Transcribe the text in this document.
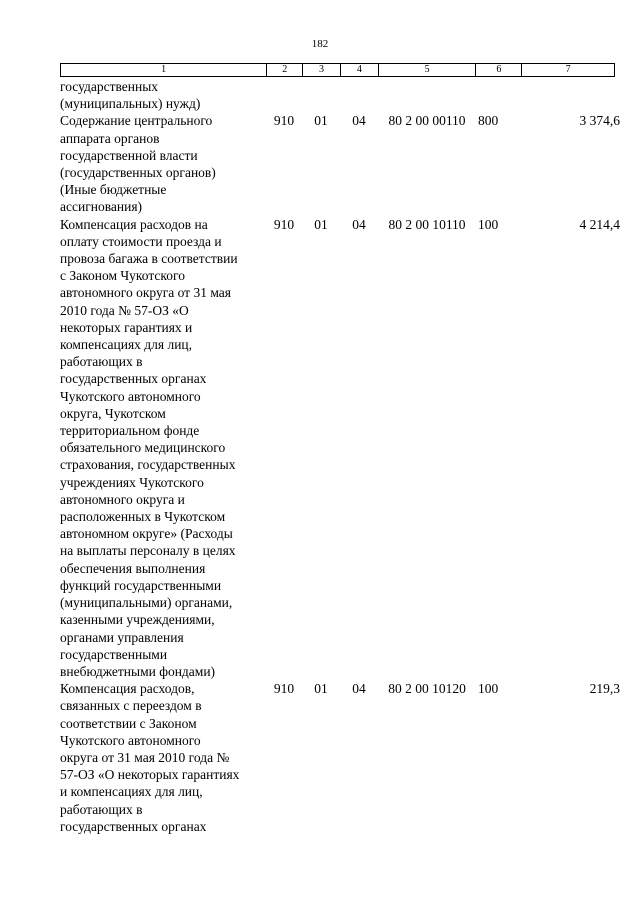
182
1	2	3	4	5	6	7
государственных
(муниципальных) нужд)
Содержание центрального
аппарата органов
государственной власти
(государственных органов)
(Иные бюджетные
ассигнования)
910	01	04	80 2 00 00110 800	3 374,6
Компенсация расходов на
оплату стоимости проезда и
провоза багажа в соответствии
с Законом Чукотского
автономного округа от 31 мая
2010 года № 57-ОЗ «О
некоторых гарантиях и
компенсациях для лиц,
работающих в
государственных органах
Чукотского автономного
округа, Чукотском
территориальном фонде
обязательного медицинского
страхования, государственных
учреждениях Чукотского
автономного округа и
расположенных в Чукотском
автономном округе» (Расходы
на выплаты персоналу в целях
обеспечения выполнения
функций государственными
(муниципальными) органами,
казенными учреждениями,
органами управления
государственными
внебюджетными фондами)
910	01	04	80 2 00 10110 100	4 214,4
Компенсация расходов,
связанных с переездом в
соответствии с Законом
Чукотского автономного
округа от 31 мая 2010 года №
57-ОЗ «О некоторых гарантиях
и компенсациях для лиц,
работающих в
государственных органах
910	01	04	80 2 00 10120 100	219,3
